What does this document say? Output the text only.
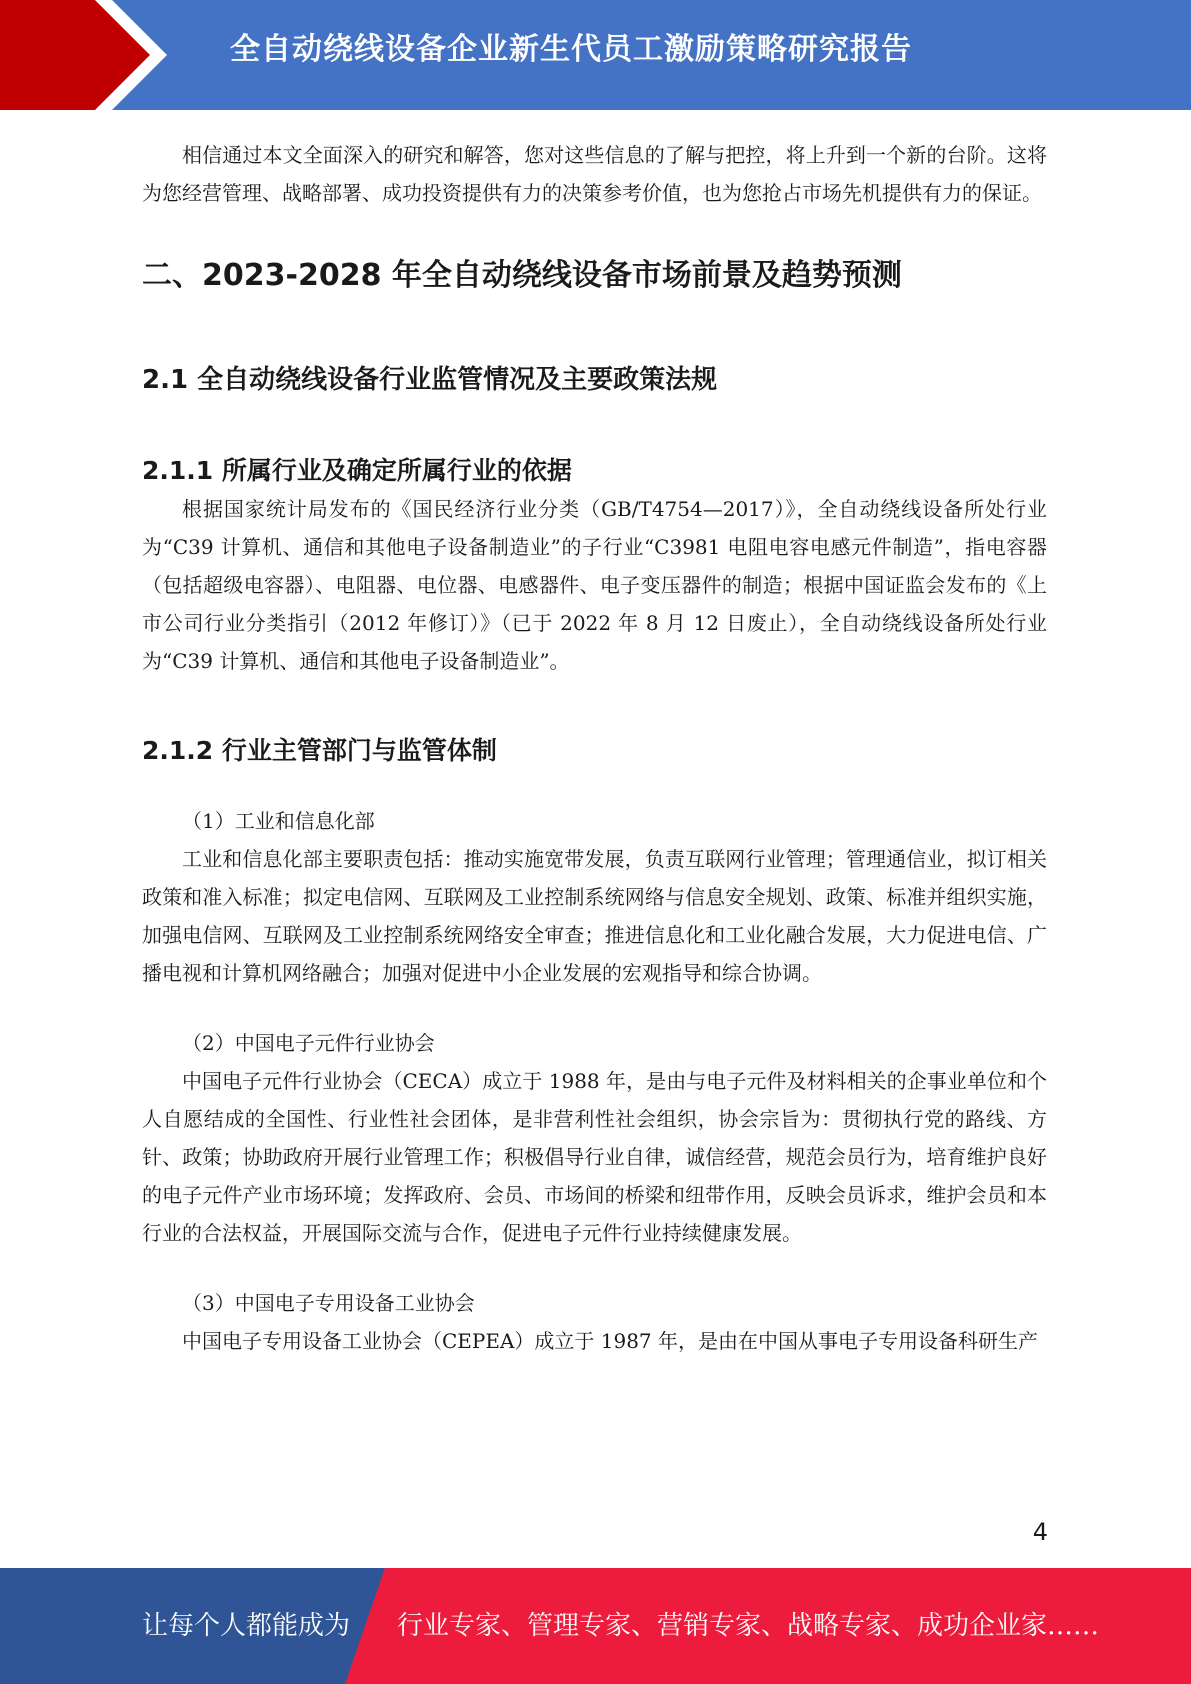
全自动绕线设备企业新生代员工激励策略研究报告

相信通过本文全面深入的研究和解答，您对这些信息的了解与把控，将上升到一个新的台阶。这将为您经营管理、战略部署、成功投资提供有力的决策参考价值，也为您抢占市场先机提供有力的保证。

二、2023-2028 年全自动绕线设备市场前景及趋势预测
2.1 全自动绕线设备行业监管情况及主要政策法规
2.1.1 所属行业及确定所属行业的依据

根据国家统计局发布的《国民经济行业分类（GB/T4754—2017）》，全自动绕线设备所处行业为“C39 计算机、通信和其他电子设备制造业”的子行业“C3981 电阻电容电感元件制造”，指电容器（包括超级电容器）、电阻器、电位器、电感器件、电子变压器件的制造；根据中国证监会发布的《上市公司行业分类指引（2012 年修订）》（已于 2022 年 8 月 12 日废止），全自动绕线设备所处行业为“C39 计算机、通信和其他电子设备制造业”。

2.1.2 行业主管部门与监管体制

（1）工业和信息化部

工业和信息化部主要职责包括：推动实施宽带发展，负责互联网行业管理；管理通信业，拟订相关政策和准入标准；拟定电信网、互联网及工业控制系统网络与信息安全规划、政策、标准并组织实施，加强电信网、互联网及工业控制系统网络安全审查；推进信息化和工业化融合发展，大力促进电信、广播电视和计算机网络融合；加强对促进中小企业发展的宏观指导和综合协调。

（2）中国电子元件行业协会

中国电子元件行业协会（CECA）成立于 1988 年，是由与电子元件及材料相关的企事业单位和个人自愿结成的全国性、行业性社会团体，是非营利性社会组织，协会宗旨为：贯彻执行党的路线、方针、政策；协助政府开展行业管理工作；积极倡导行业自律，诚信经营，规范会员行为，培育维护良好的电子元件产业市场环境；发挥政府、会员、市场间的桥梁和纽带作用，反映会员诉求，维护会员和本行业的合法权益，开展国际交流与合作，促进电子元件行业持续健康发展。

（3）中国电子专用设备工业协会

中国电子专用设备工业协会（CEPEA）成立于 1987 年，是由在中国从事电子专用设备科研生产

4
让每个人都能成为 行业专家、管理专家、营销专家、战略专家、成功企业家……
